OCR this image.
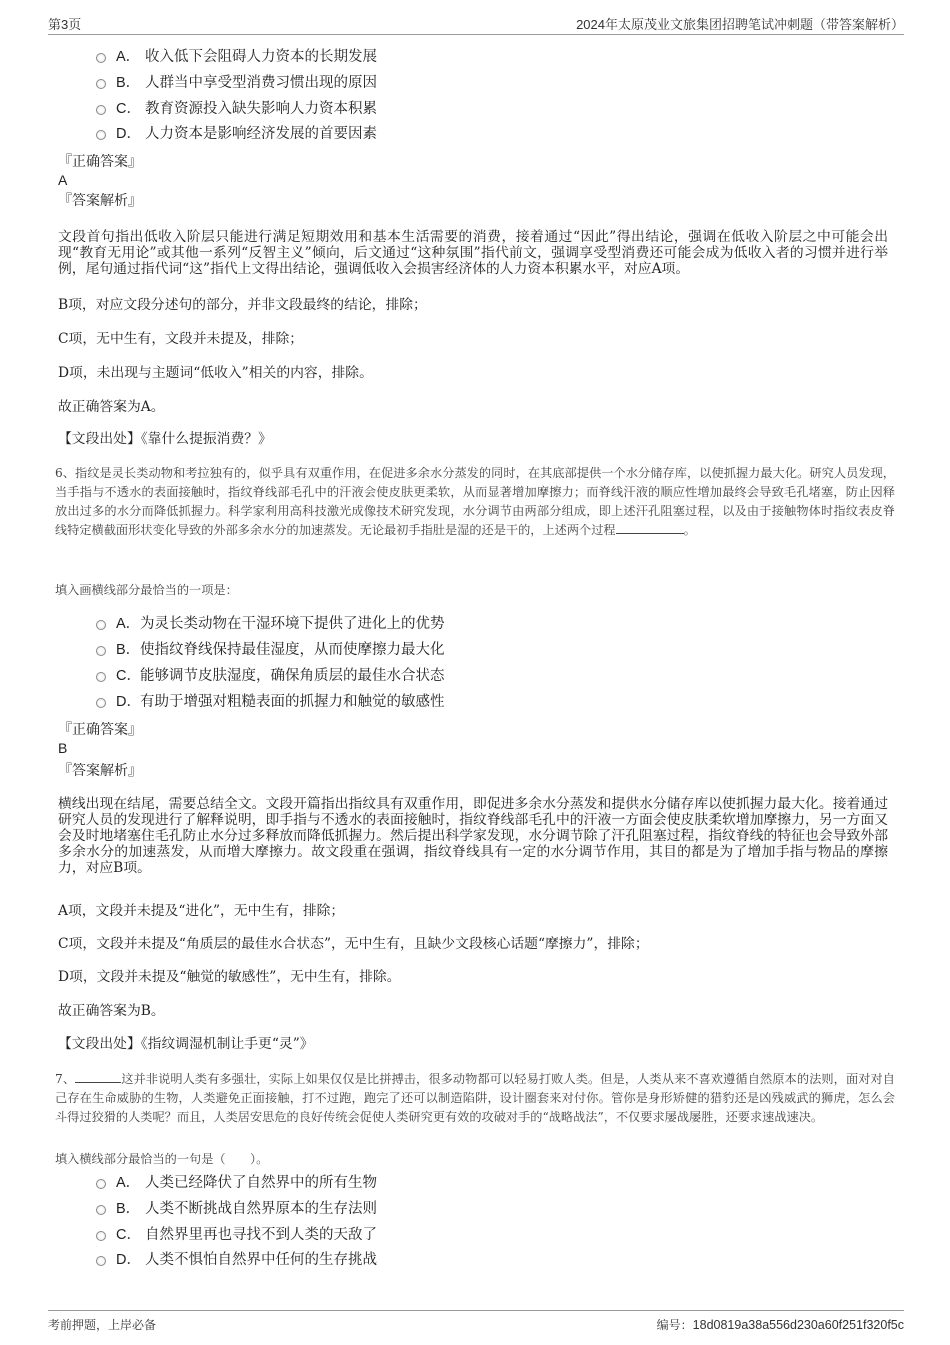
第3页	2024年太原茂业文旅集团招聘笔试冲刺题（带答案解析）
A． 收入低下会阻碍人力资本的长期发展
B． 人群当中享受型消费习惯出现的原因
C． 教育资源投入缺失影响人力资本积累
D． 人力资本是影响经济发展的首要因素
『正确答案』
A
『答案解析』
文段首句指出低收入阶层只能进行满足短期效用和基本生活需要的消费，接着通过“因此”得出结论，强调在低收入阶层之中可能会出现“教育无用论”或其他一系列“反智主义”倾向，后文通过“这种氛围”指代前文，强调享受型消费还可能会成为低收入者的习惯并进行举例，尾句通过指代词“这”指代上文得出结论，强调低收入会损害经济体的人力资本积累水平，对应A项。
B项，对应文段分述句的部分，并非文段最终的结论，排除；
C项，无中生有，文段并未提及，排除；
D项，未出现与主题词“低收入”相关的内容，排除。
故正确答案为A。
【文段出处】《靠什么提振消费？》
6、指纹是灵长类动物和考拉独有的，似乎具有双重作用，在促进多余水分蒸发的同时，在其底部提供一个水分储存库，以使抓握力最大化。研究人员发现，当手指与不透水的表面接触时，指纹脊线部毛孔中的汗液会使皮肤更柔软，从而显著增加摩擦力；而脊线汗液的顺应性增加最终会导致毛孔堵塞，防止因释放出过多的水分而降低抓握力。科学家利用高科技激光成像技术研究发现，水分调节由两部分组成，即上述汗孔阻塞过程，以及由于接触物体时指纹表皮脊线特定横截面形状变化导致的外部多余水分的加速蒸发。无论最初手指肚是湿的还是干的，上述两个过程	。
填入画横线部分最恰当的一项是：
A． 为灵长类动物在干湿环境下提供了进化上的优势
B． 使指纹脊线保持最佳湿度，从而使摩擦力最大化
C． 能够调节皮肤湿度，确保角质层的最佳水合状态
D． 有助于增强对粗糙表面的抓握力和触觉的敏感性
『正确答案』
B
『答案解析』
横线出现在结尾，需要总结全文。文段开篇指出指纹具有双重作用，即促进多余水分蒸发和提供水分储存库以使抓握力最大化。接着通过研究人员的发现进行了解释说明，即手指与不透水的表面接触时，指纹脊线部毛孔中的汗液一方面会使皮肤柔软增加摩擦力，另一方面又会及时地堵塞住毛孔防止水分过多释放而降低抓握力。然后提出科学家发现，水分调节除了汗孔阻塞过程，指纹脊线的特征也会导致外部多余水分的加速蒸发，从而增大摩擦力。故文段重在强调，指纹脊线具有一定的水分调节作用，其目的都是为了增加手指与物品的摩擦力，对应B项。
A项，文段并未提及“进化”，无中生有，排除；
C项，文段并未提及“角质层的最佳水合状态”，无中生有，且缺少文段核心话题“摩擦力”，排除；
D项，文段并未提及“触觉的敏感性”，无中生有，排除。
故正确答案为B。
【文段出处】《指纹调湿机制让手更“灵”》
7、	这并非说明人类有多强壮，实际上如果仅仅是比拼搏击，很多动物都可以轻易打败人类。但是，人类从来不喜欢遵循自然原本的法则，面对对自己存在生命威胁的生物，人类避免正面接触，打不过跑，跑完了还可以制造陷阱，设计圈套来对付你。管你是身形矫健的猎豹还是凶残威武的狮虎，怎么会斗得过狡猾的人类呢？而且，人类居安思危的良好传统会促使人类研究更有效的攻破对手的“战略战法”，不仅要求屡战屡胜，还要求速战速决。
填入横线部分最恰当的一句是（　　）。
A． 人类已经降伏了自然界中的所有生物
B． 人类不断挑战自然界原本的生存法则
C． 自然界里再也寻找不到人类的天敌了
D． 人类不惧怕自然界中任何的生存挑战
考前押题，上岸必备	编号：18d0819a38a556d230a60f251f320f5c
